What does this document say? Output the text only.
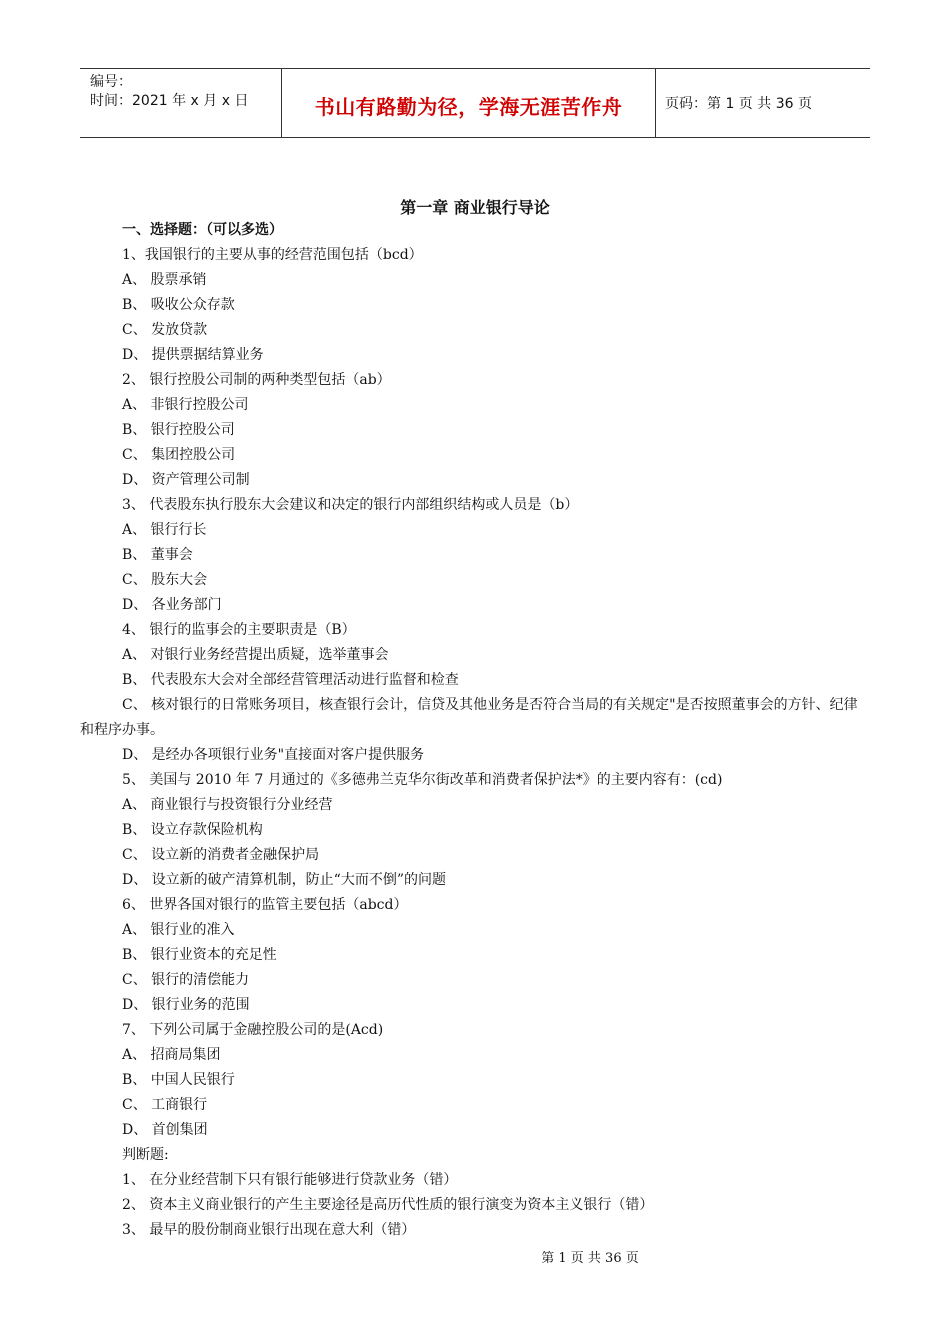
编号：
时间：2021 年 x 月 x 日	书山有路勤为径，学海无涯苦作舟	页码：第 1 页 共 36 页
第一章 商业银行导论
一、选择题：（可以多选）
1、我国银行的主要从事的经营范围包括（bcd）
A、 股票承销
B、 吸收公众存款
C、 发放贷款
D、 提供票据结算业务
2、 银行控股公司制的两种类型包括（ab）
A、 非银行控股公司
B、 银行控股公司
C、 集团控股公司
D、 资产管理公司制
3、 代表股东执行股东大会建议和决定的银行内部组织结构或人员是（b）
A、 银行行长
B、 董事会
C、 股东大会
D、 各业务部门
4、 银行的监事会的主要职责是（B）
A、 对银行业务经营提出质疑，选举董事会
B、 代表股东大会对全部经营管理活动进行监督和检查
C、 核对银行的日常账务项目，核查银行会计，信贷及其他业务是否符合当局的有关规定"是否按照董事会的方针、纪律和程序办事。
D、 是经办各项银行业务"直接面对客户提供服务
5、 美国与 2010 年 7 月通过的《多德弗兰克华尔街改革和消费者保护法*》的主要内容有：(cd)
A、 商业银行与投资银行分业经营
B、 设立存款保险机构
C、 设立新的消费者金融保护局
D、 设立新的破产清算机制，防止“大而不倒”的问题
6、 世界各国对银行的监管主要包括（abcd）
A、 银行业的准入
B、 银行业资本的充足性
C、 银行的清偿能力
D、 银行业务的范围
7、 下列公司属于金融控股公司的是(Acd)
A、 招商局集团
B、 中国人民银行
C、 工商银行
D、 首创集团
判断题:
1、 在分业经营制下只有银行能够进行贷款业务（错）
2、 资本主义商业银行的产生主要途径是高历代性质的银行演变为资本主义银行（错）
3、 最早的股份制商业银行出现在意大利（错）
第 1 页 共 36 页
